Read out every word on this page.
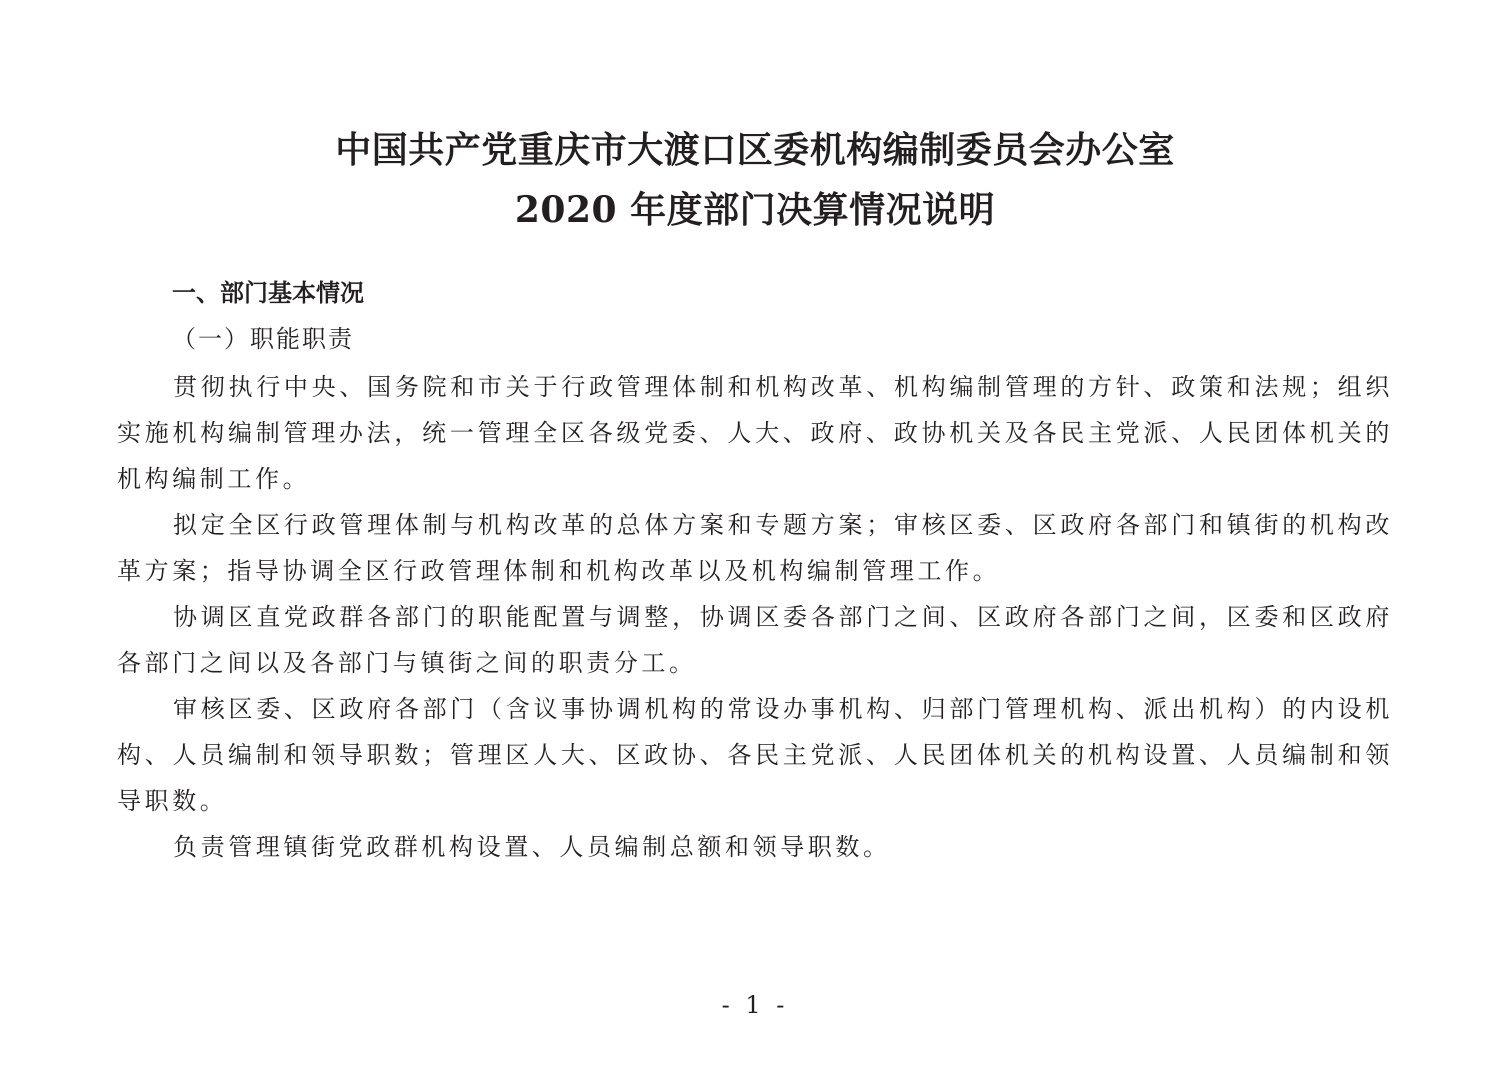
中国共产党重庆市大渡口区委机构编制委员会办公室
2020 年度部门决算情况说明
一、部门基本情况
（一）职能职责

贯彻执行中央、国务院和市关于行政管理体制和机构改革、机构编制管理的方针、政策和法规；组织实施机构编制管理办法，统一管理全区各级党委、人大、政府、政协机关及各民主党派、人民团体机关的机构编制工作。

拟定全区行政管理体制与机构改革的总体方案和专题方案；审核区委、区政府各部门和镇街的机构改革方案；指导协调全区行政管理体制和机构改革以及机构编制管理工作。

协调区直党政群各部门的职能配置与调整，协调区委各部门之间、区政府各部门之间，区委和区政府各部门之间以及各部门与镇街之间的职责分工。

审核区委、区政府各部门（含议事协调机构的常设办事机构、归部门管理机构、派出机构）的内设机构、人员编制和领导职数；管理区人大、区政协、各民主党派、人民团体机关的机构设置、人员编制和领导职数。

负责管理镇街党政群机构设置、人员编制总额和领导职数。

- 1 -
